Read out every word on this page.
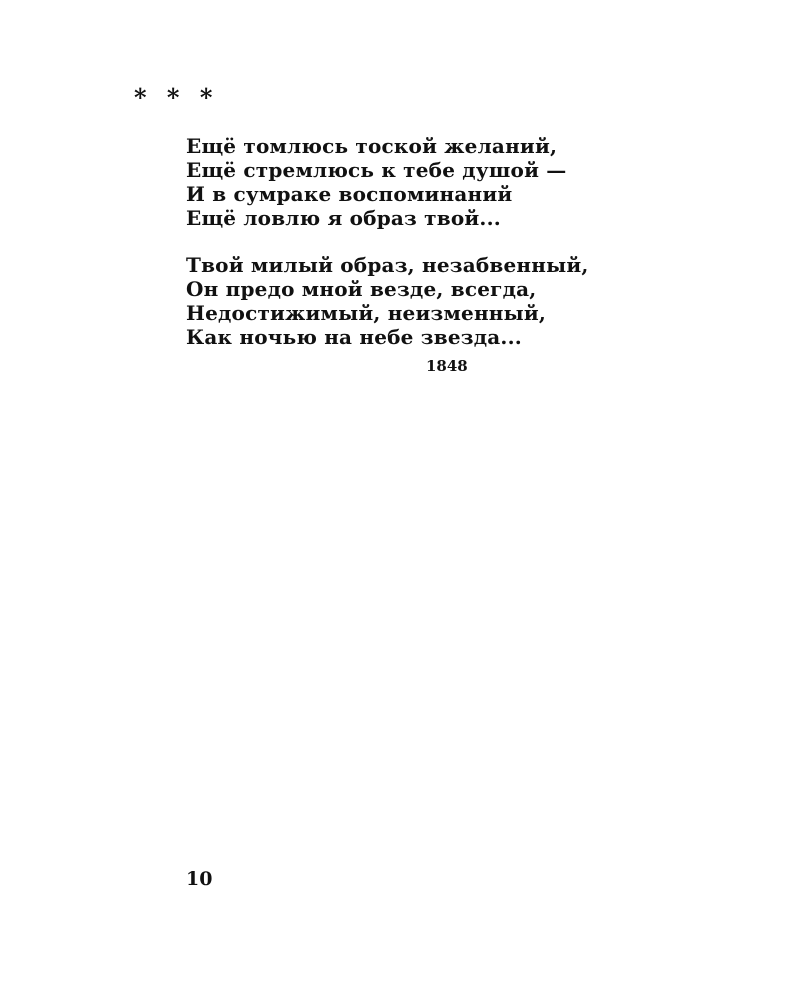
* * *
Ещё томлюсь тоской желаний,
Ещё стремлюсь к тебе душой —
И в сумраке воспоминаний
Ещё ловлю я образ твой...
Твой милый образ, незабвенный,
Он предо мной везде, всегда,
Недостижимый, неизменный,
Как ночью на небе звезда...
1848
10
